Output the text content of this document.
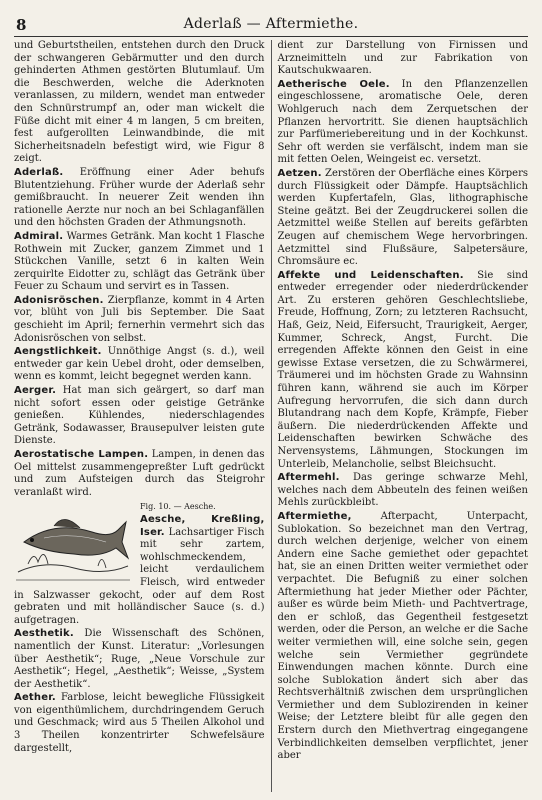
8	Aderlaß — Aftermiethe.

und Geburtstheilen, entstehen durch den Druck der schwangeren Gebärmutter und den durch gehinderten Athmen gestörten Blutumlauf. Um die Beschwerden, welche die Aderknoten veranlassen, zu mildern, wendet man entweder den Schnürstrumpf an, oder man wickelt die Füße dicht mit einer 4 m langen, 5 cm breiten, fest aufgerollten Leinwandbinde, die mit Sicherheitsnadeln befestigt wird, wie Figur 8 zeigt.

Aderlaß. Eröffnung einer Ader behufs Blutentziehung. Früher wurde der Aderlaß sehr gemißbraucht. In neuerer Zeit wenden ihn rationelle Aerzte nur noch an bei Schlaganfällen und den höchsten Graden der Athmungsnoth.

Admiral. Warmes Getränk. Man kocht 1 Flasche Rothwein mit Zucker, ganzem Zimmet und 1 Stückchen Vanille, setzt 6 in kalten Wein zerquirlte Eidotter zu, schlägt das Getränk über Feuer zu Schaum und servirt es in Tassen.

Adonisröschen. Zierpflanze, kommt in 4 Arten vor, blüht von Juli bis September. Die Saat geschieht im April; fernerhin vermehrt sich das Adonisröschen von selbst.

Aengstlichkeit. Unnöthige Angst (s. d.), weil entweder gar kein Uebel droht, oder demselben, wenn es kommt, leicht begegnet werden kann.

Aerger. Hat man sich geärgert, so darf man nicht sofort essen oder geistige Getränke genießen. Kühlendes, niederschlagendes Getränk, Sodawasser, Brausepulver leisten gute Dienste.

Aerostatische Lampen. Lampen, in denen das Oel mittelst zusammengepreßter Luft gedrückt und zum Aufsteigen durch das Steigrohr veranlaßt wird.

Fig. 10. — Aesche.
Aesche, Kreßling, Iser. Lachsartiger Fisch mit sehr zartem, wohlschmeckendem, leicht verdaulichem Fleisch, wird entweder in Salzwasser gekocht, oder auf dem Rost gebraten und mit holländischer Sauce (s. d.) aufgetragen.

Aesthetik. Die Wissenschaft des Schönen, namentlich der Kunst. Literatur: „Vorlesungen über Aesthetik“; Ruge, „Neue Vorschule zur Aesthetik“; Hegel, „Aesthetik“; Weisse, „System der Aesthetik“.

Aether. Farblose, leicht bewegliche Flüssigkeit von eigenthümlichem, durchdringendem Geruch und Geschmack; wird aus 5 Theilen Alkohol und 3 Theilen konzentrirter Schwefelsäure dargestellt,

dient zur Darstellung von Firnissen und Arzneimitteln und zur Fabrikation von Kautschukwaaren.

Aetherische Oele. In den Pflanzenzellen eingeschlossene, aromatische Oele, deren Wohlgeruch nach dem Zerquetschen der Pflanzen hervortritt. Sie dienen hauptsächlich zur Parfümeriebereitung und in der Kochkunst. Sehr oft werden sie verfälscht, indem man sie mit fetten Oelen, Weingeist ec. versetzt.

Aetzen. Zerstören der Oberfläche eines Körpers durch Flüssigkeit oder Dämpfe. Hauptsächlich werden Kupfertafeln, Glas, lithographische Steine geätzt. Bei der Zeugdruckerei sollen die Aetzmittel weiße Stellen auf bereits gefärbten Zeugen auf chemischem Wege hervorbringen. Aetzmittel sind Flußsäure, Salpetersäure, Chromsäure ec.

Affekte und Leidenschaften. Sie sind entweder erregender oder niederdrückender Art. Zu ersteren gehören Geschlechtsliebe, Freude, Hoffnung, Zorn; zu letzteren Rachsucht, Haß, Geiz, Neid, Eifersucht, Traurigkeit, Aerger, Kummer, Schreck, Angst, Furcht. Die erregenden Affekte können den Geist in eine gewisse Extase versetzen, die zu Schwärmerei, Träumerei und im höchsten Grade zu Wahnsinn führen kann, während sie auch im Körper Aufregung hervorrufen, die sich dann durch Blutandrang nach dem Kopfe, Krämpfe, Fieber äußern. Die niederdrückenden Affekte und Leidenschaften bewirken Schwäche des Nervensystems, Lähmungen, Stockungen im Unterleib, Melancholie, selbst Bleichsucht.

Aftermehl. Das geringe schwarze Mehl, welches nach dem Abbeuteln des feinen weißen Mehls zurückbleibt.

Aftermiethe,	Afterpacht, Unterpacht, Sublokation. So bezeichnet man den Vertrag, durch welchen derjenige, welcher von einem Andern eine Sache gemiethet oder gepachtet hat, sie an einen Dritten weiter vermiethet oder verpachtet. Die Befugniß zu einer solchen Aftermiethung hat jeder Miether oder Pächter, außer es würde beim Mieth- und Pachtvertrage, den er schloß, das Gegentheil festgesetzt werden, oder die Person, an welche er die Sache weiter vermiethen will, eine solche sein, gegen welche sein Vermiether gegründete Einwendungen machen könnte. Durch eine solche Sublokation ändert sich aber das Rechtsverhältniß zwischen dem ursprünglichen Vermiether und dem Sublozirenden in keiner Weise; der Letztere bleibt für alle gegen den Erstern durch den Miethvertrag eingegangene Verbindlichkeiten demselben verpflichtet, jener aber
